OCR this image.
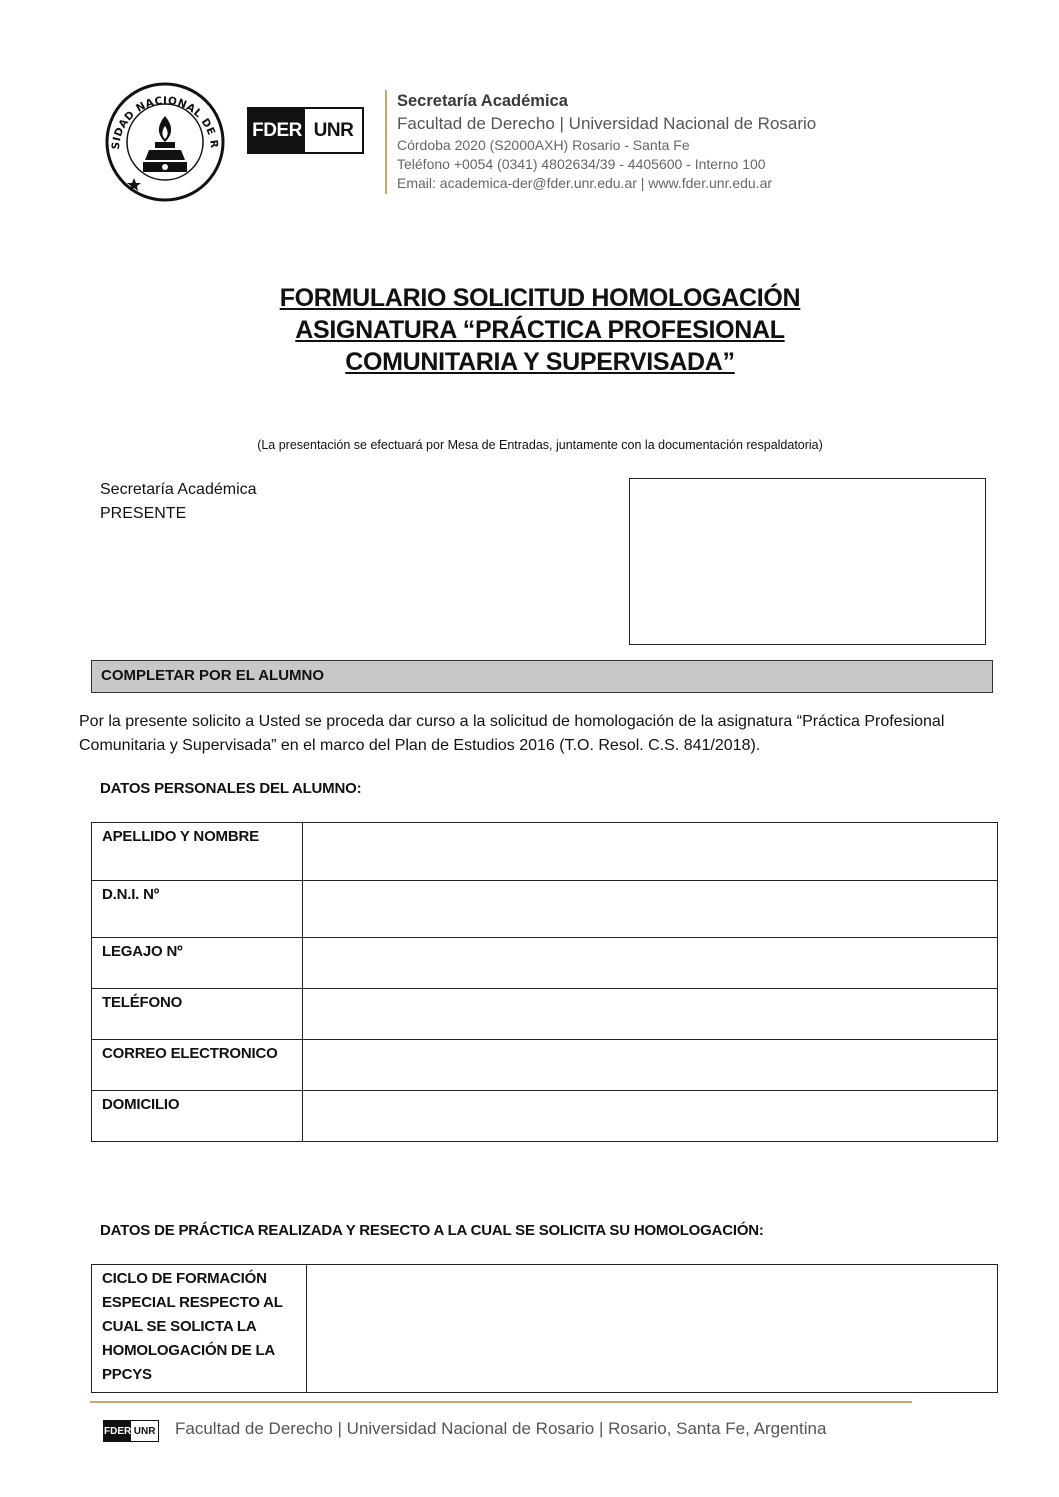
SIDAD NACIONAL DE R
FDER UNR
Secretaría Académica
Facultad de Derecho | Universidad Nacional de Rosario
Córdoba 2020 (S2000AXH) Rosario - Santa Fe
Teléfono +0054 (0341) 4802634/39 - 4405600 - Interno 100
Email: academica-der@fder.unr.edu.ar | www.fder.unr.edu.ar
FORMULARIO SOLICITUD HOMOLOGACIÓN
ASIGNATURA “PRÁCTICA PROFESIONAL
COMUNITARIA Y SUPERVISADA”
(La presentación se efectuará por Mesa de Entradas, juntamente con la documentación respaldatoria)
Secretaría Académica
PRESENTE
COMPLETAR POR EL ALUMNO
Por la presente solicito a Usted se proceda dar curso a la solicitud de homologación de la asignatura “Práctica Profesional Comunitaria y Supervisada” en el marco del Plan de Estudios 2016 (T.O. Resol. C.S. 841/2018).
DATOS PERSONALES DEL ALUMNO:
APELLIDO Y NOMBRE	
D.N.I. Nº	
LEGAJO Nº	
TELÉFONO	
CORREO ELECTRONICO	
DOMICILIO	
DATOS DE PRÁCTICA REALIZADA Y RESECTO A LA CUAL SE SOLICITA SU HOMOLOGACIÓN:
CICLO DE FORMACIÓN ESPECIAL RESPECTO AL CUAL SE SOLICTA LA HOMOLOGACIÓN DE LA PPCYS	
FDER UNR Facultad de Derecho | Universidad Nacional de Rosario | Rosario, Santa Fe, Argentina
